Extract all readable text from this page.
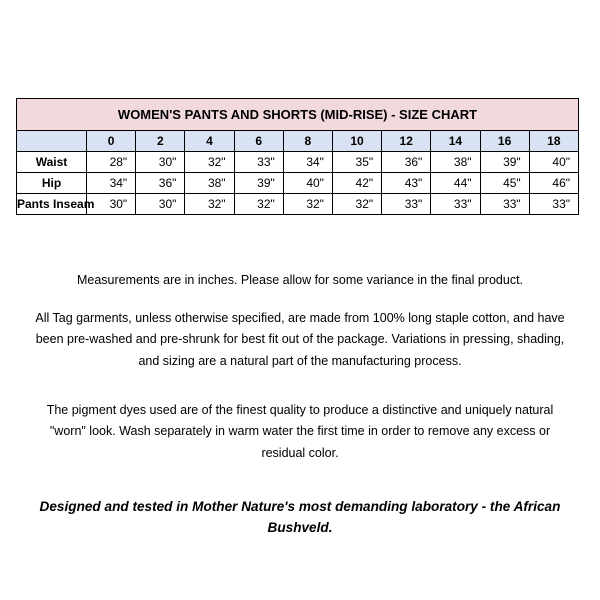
WOMEN'S PANTS AND SHORTS (MID-RISE) - SIZE CHART										
	0	2	4	6	8	10	12	14	16	18
Waist	28"	30"	32"	33"	34"	35"	36"	38"	39"	40"
Hip	34"	36"	38"	39"	40"	42"	43"	44"	45"	46"
Pants Inseam	30"	30"	32"	32"	32"	32"	33"	33"	33"	33"

Measurements are in inches. Please allow for some variance in the final product.

All Tag garments, unless otherwise specified, are made from 100% long staple cotton, and have been pre-washed and pre-shrunk for best fit out of the package. Variations in pressing, shading, and sizing are a natural part of the manufacturing process.

The pigment dyes used are of the finest quality to produce a distinctive and uniquely natural "worn" look. Wash separately in warm water the first time in order to remove any excess or residual color.

Designed and tested in Mother Nature's most demanding laboratory - the African Bushveld.
